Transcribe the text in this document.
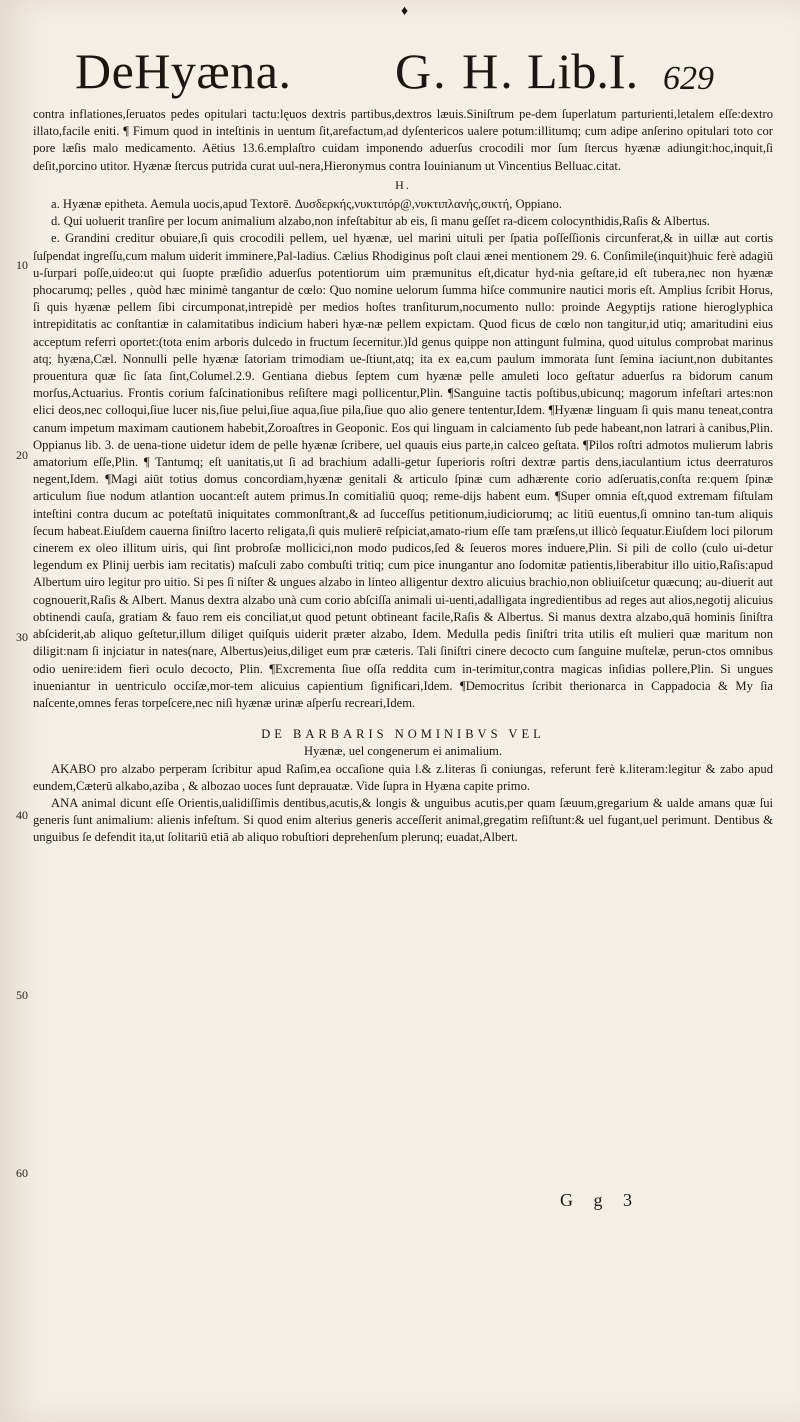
♦
DeHyæna. G. H. Lib.I. 629
10
20
30
40
50
60

contra inflationes,ſeruatos pedes opitulari tactu:lęuos dextris partibus,dextros læuis.Siniſtrum pe-dem ſuperlatum parturienti,letalem eſſe:dextro illato,facile eniti. ¶ Fimum quod in inteſtinis in uentum ſit,arefactum,ad dyſentericos ualere potum:illitumq; cum adipe anſerino opitulari toto cor pore læſis malo medicamento. Aëtius 13.6.emplaſtro cuidam imponendo aduerſus crocodili mor ſum ſtercus hyænæ adiungit:hoc,inquit,ſi deſit,porcino utitor. Hyænæ ſtercus putrida curat uul-nera,Hieronymus contra Iouinianum ut Vincentius Belluac.citat.

H.

a. Hyænæ epitheta. Aemula uocis,apud Textorē. Δυσδερκής,νυκτιπόρ@,νυκτιπλανής,σικτή, Oppiano.

d. Qui uoluerit tranſire per locum animalium alzabo,non infeſtabitur ab eis, ſi manu geſſet ra-dicem colocynthidis,Raſis & Albertus.

e. Grandini creditur obuiare,ſi quis crocodili pellem, uel hyænæ, uel marini uituli per ſpatia poſſeſſionis circunferat,& in uillæ aut cortis ſuſpendat ingreſſu,cum malum uiderit imminere,Pal-ladius. Cælius Rhodiginus poſt claui ænei mentionem 29. 6. Conſimile(inquit)huic ferè adagiū u-ſurpari poſſe,uideo:ut qui ſuopte præſidio aduerſus potentiorum uim præmunitus eſt,dicatur hyd-nia geſtare,id eſt tubera,nec non hyænæ phocarumq; pelles , quòd hæc minimè tangantur de cœlo: Quo nomine uelorum ſumma hiſce communire nautici moris eſt. Amplius ſcribit Horus, ſi quis hyænæ pellem ſibi circumponat,intrepidè per medios hoſtes tranſiturum,nocumento nullo: proinde Aegyptijs ratione hieroglyphica intrepiditatis ac conſtantiæ in calamitatibus indicium haberi hyæ-næ pellem expictam. Quod ficus de cœlo non tangitur,id utiq; amaritudini eius acceptum referri oportet:(tota enim arboris dulcedo in fructum ſecernitur.)Id genus quippe non attingunt fulmina, quod uitulus comprobat marinus atq; hyæna,Cæl. Nonnulli pelle hyænæ ſatoriam trimodiam ue-ſtiunt,atq; ita ex ea,cum paulum immorata ſunt ſemina iaciunt,non dubitantes prouentura quæ ſic ſata ſint,Columel.2.9. Gentiana diebus ſeptem cum hyænæ pelle amuleti loco geſtatur aduerſus ra bidorum canum morſus,Actuarius. Frontis corium faſcinationibus reſiſtere magi pollicentur,Plin. ¶Sanguine tactis poſtibus,ubicunq; magorum infeſtari artes:non elici deos,nec colloqui,ſiue lucer nis,ſiue pelui,ſiue aqua,ſiue pila,ſiue quo alio genere tententur,Idem. ¶Hyænæ linguam ſi quis manu teneat,contra canum impetum maximam cautionem habebit,Zoroaſtres in Geoponic. Eos qui linguam in calciamento ſub pede habeant,non latrari à canibus,Plin. Oppianus lib. 3. de uena-tione uidetur idem de pelle hyænæ ſcribere, uel quauis eius parte,in calceo geſtata. ¶Pilos roſtri admotos mulierum labris amatorium eſſe,Plin. ¶ Tantumq; eſt uanitatis,ut ſi ad brachium adalli-getur ſuperioris roſtri dextræ partis dens,iaculantium ictus deerraturos negent,Idem. ¶Magi aiūt totius domus concordiam,hyænæ genitali & articulo ſpinæ cum adhærente corio adſeruatis,conſta re:quem ſpinæ articulum ſiue nodum atlantion uocant:eſt autem primus.In comitialiū quoq; reme-dijs habent eum. ¶Super omnia eſt,quod extremam fiſtulam inteſtini contra ducum ac poteſtatū iniquitates commonſtrant,& ad ſucceſſus petitionum,iudiciorumq; ac litiū euentus,ſi omnino tan-tum aliquis ſecum habeat.Eiuſdem cauerna ſiniſtro lacerto religata,ſi quis mulierē reſpiciat,amato-rium eſſe tam præſens,ut illicò ſequatur.Eiuſdem loci pilorum cinerem ex oleo illitum uiris, qui ſint probroſæ mollicici,non modo pudicos,ſed & ſeueros mores induere,Plin. Si pili de collo (culo ui-detur legendum ex Plinij uerbis iam recitatis) maſculi zabo combuſti tritiq; cum pice inungantur ano ſodomitæ patientis,liberabitur illo uitio,Raſis:apud Albertum uiro legitur pro uitio. Si pes ſi niſter & ungues alzabo in linteo alligentur dextro alicuius brachio,non obliuiſcetur quæcunq; au-diuerit aut cognouerit,Raſis & Albert. Manus dextra alzabo unà cum corio abſciſſa animali ui-uenti,adalligata ingredientibus ad reges aut alios,negotij alicuius obtinendi cauſa, gratiam & fauo rem eis conciliat,ut quod petunt obtineant facile,Raſis & Albertus. Si manus dextra alzabo,quā hominis ſiniſtra abſciderit,ab aliquo geſtetur,illum diliget quiſquis uiderit præter alzabo, Idem. Medulla pedis ſiniſtri trita utilis eſt mulieri quæ maritum non diligit:nam ſi injciatur in nates(nare, Albertus)eius,diliget eum præ cæteris. Tali ſiniſtri cinere decocto cum ſanguine muſtelæ, perun-ctos omnibus odio uenire:idem fieri oculo decocto, Plin. ¶Excrementa ſiue oſſa reddita cum in-terimitur,contra magicas inſidias pollere,Plin. Si ungues inueniantur in uentriculo occiſæ,mor-tem alicuius capientium ſignificari,Idem. ¶Democritus ſcribit therionarca in Cappadocia & My ſia naſcente,omnes feras torpeſcere,nec niſi hyænæ urinæ aſperſu recreari,Idem.

DE BARBARIS NOMINIBVS VEL

Hyænæ, uel congenerum ei animalium.

AKABO pro alzabo perperam ſcribitur apud Raſim,ea occaſione quia l.& z.literas ſi coniungas, referunt ferè k.literam:legitur & zabo apud eundem,Cæterū alkabo,aziba , & albozao uoces ſunt deprauatæ. Vide ſupra in Hyæna capite primo.

ANA animal dicunt eſſe Orientis,ualidiſſimis dentibus,acutis,& longis & unguibus acutis,per quam ſæuum,gregarium & ualde amans quæ ſui generis ſunt animalium: alienis infeſtum. Si quod enim alterius generis acceſſerit animal,gregatim reſiſtunt:& uel fugant,uel perimunt. Dentibus & unguibus ſe defendit ita,ut ſolitariū etiā ab aliquo robuſtiori deprehenſum plerunq; euadat,Albert.

G g 3
